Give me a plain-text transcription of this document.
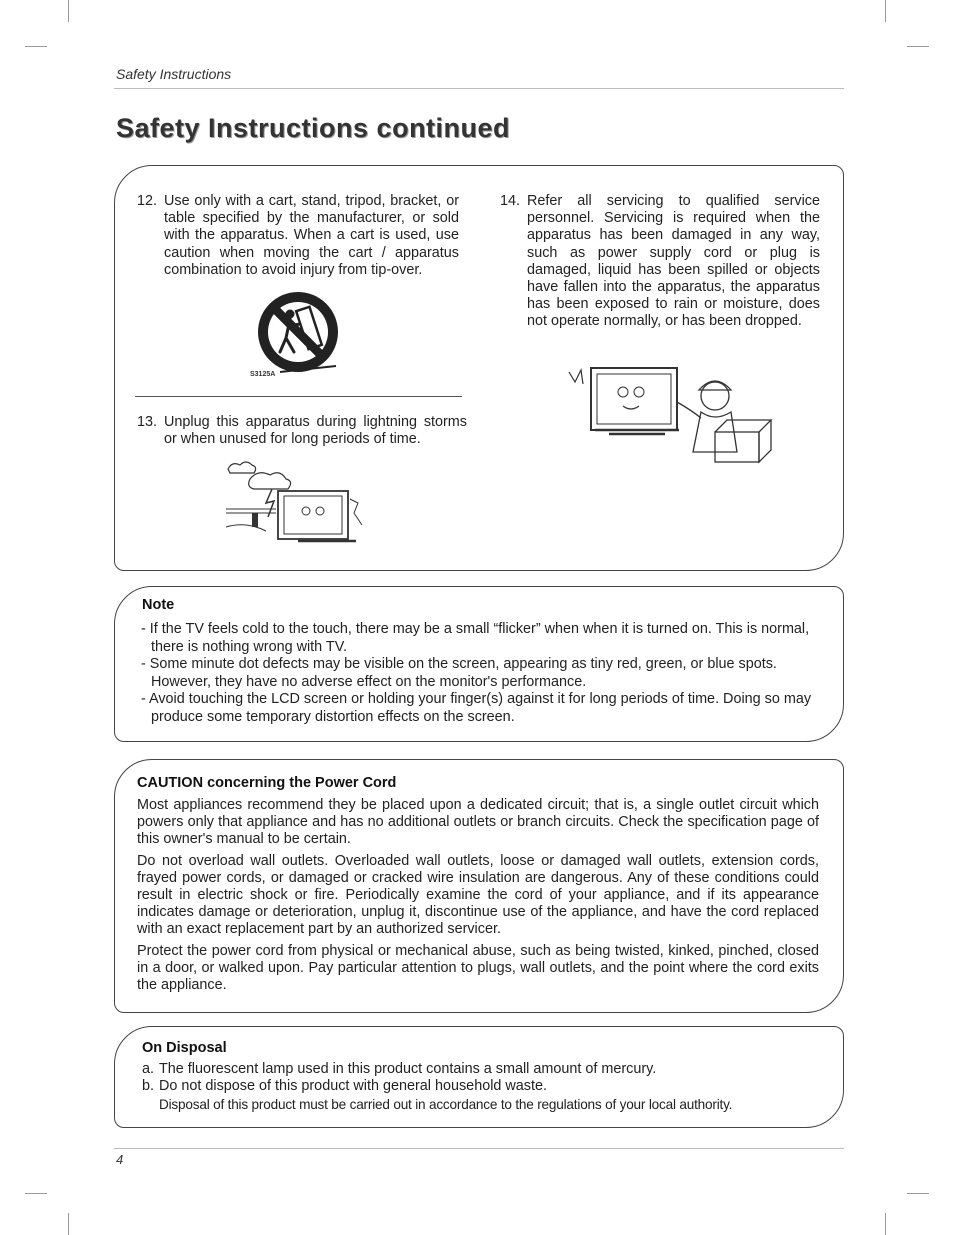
Safety Instructions
Safety Instructions continued
12. Use only with a cart, stand, tripod, bracket, or table specified by the manufacturer, or sold with the apparatus. When a cart is used, use caution when moving the cart / apparatus combination to avoid injury from tip-over.
S3125A
13. Unplug this apparatus during lightning storms or when unused for long periods of time.
14. Refer all servicing to qualified service personnel. Servicing is required when the apparatus has been damaged in any way, such as power supply cord or plug is damaged, liquid has been spilled or objects have fallen into the apparatus, the apparatus has been exposed to rain or moisture, does not operate normally, or has been dropped.
Note
- If the TV feels cold to the touch, there may be a small “flicker” when when it is turned on. This is normal, there is nothing wrong with TV.
- Some minute dot defects may be visible on the screen, appearing as tiny red, green, or blue spots. However, they have no adverse effect on the monitor's performance.
- Avoid touching the LCD screen or holding your finger(s) against it for long periods of time. Doing so may produce some temporary distortion effects on the screen.
CAUTION concerning the Power Cord

Most appliances recommend they be placed upon a dedicated circuit; that is, a single outlet circuit which powers only that appliance and has no additional outlets or branch circuits. Check the specification page of this owner's manual to be certain.

Do not overload wall outlets. Overloaded wall outlets, loose or damaged wall outlets, extension cords, frayed power cords, or damaged or cracked wire insulation are dangerous. Any of these conditions could result in electric shock or fire. Periodically examine the cord of your appliance, and if its appearance indicates damage or deterioration, unplug it, discontinue use of the appliance, and have the cord replaced with an exact replacement part by an authorized servicer.

Protect the power cord from physical or mechanical abuse, such as being twisted, kinked, pinched, closed in a door, or walked upon. Pay particular attention to plugs, wall outlets, and the point where the cord exits the appliance.

On Disposal
a. The fluorescent lamp used in this product contains a small amount of mercury.
b. Do not dispose of this product with general household waste.
Disposal of this product must be carried out in accordance to the regulations of your local authority.
4
